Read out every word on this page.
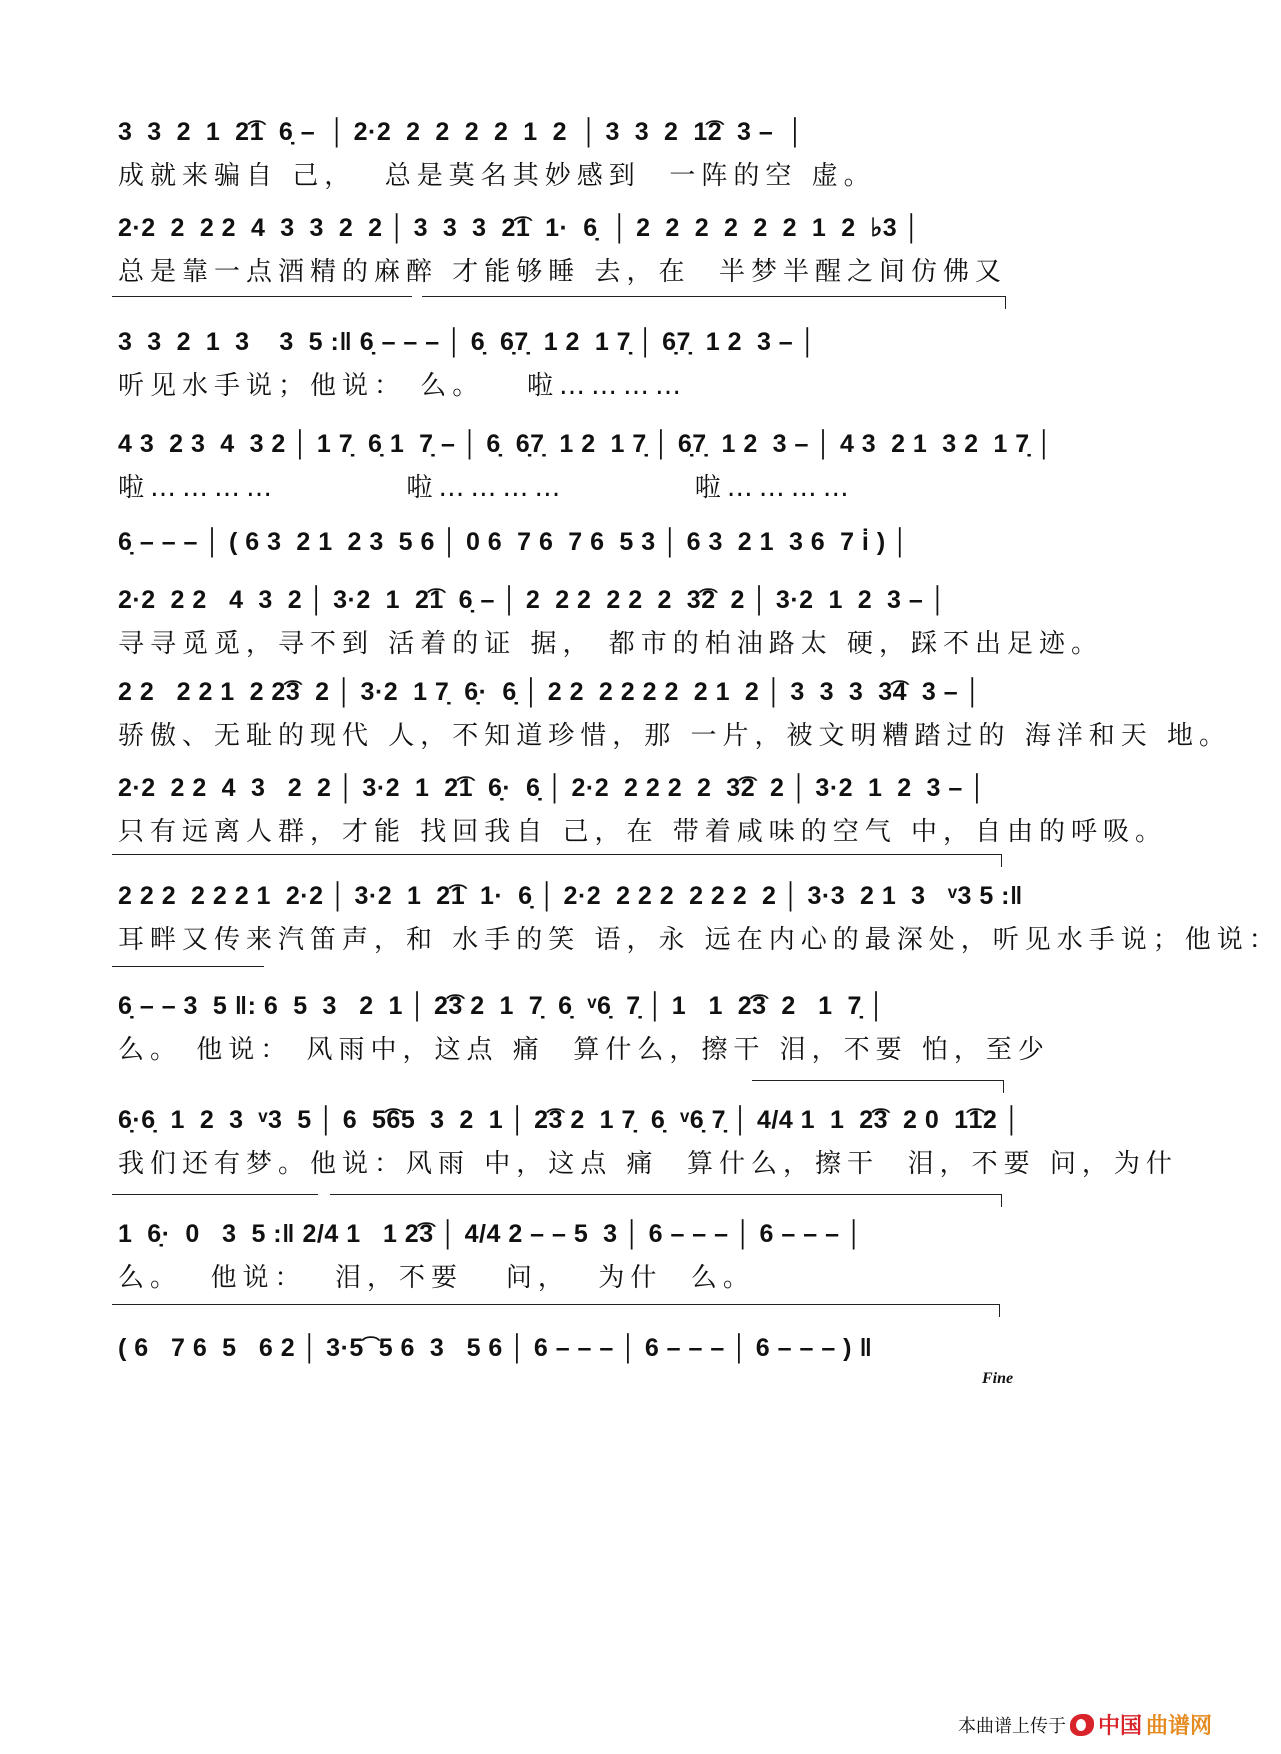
3  3  2  1  2͡1  6̣ –  │ 2·2  2  2  2  2  1  2  │ 3  3  2  1͡2  3 –  │
成就来骗自 己，  总是莫名其妙感到  一阵的空 虚。
2·2  2  2 2  4  3  3  2  2 │ 3  3  3  2͡1  1·  6̣  │ 2  2  2  2  2  2  1  2  ♭3 │
总是靠一点酒精的麻醉 才能够睡 去，在  半梦半醒之间仿佛又
3  3  2  1  3    3  5 :‖ 6̣ – – – │ 6̣  6̣7̣  1 2  1 7̣ │ 6̣7̣  1 2  3 – │
听见水手说；他说： 么。   啦…………
4 3  2 3  4  3 2 │ 1 7̣  6̣ 1  7̣ – │ 6̣  6̣7̣  1 2  1 7̣ │ 6̣7̣  1 2  3 – │ 4 3  2 1  3 2  1 7̣ │
啦…………         啦…………         啦…………
6̣ – – – │ ( 6 3  2 1  2 3  5 6 │ 0 6  7 6  7 6  5 3 │ 6 3  2 1  3 6  7 i̇ ) │
2·2  2 2   4  3  2 │ 3·2  1  2͡1  6̣ – │ 2  2 2  2 2  2  3͡2  2 │ 3·2  1  2  3 – │
寻寻觅觅，寻不到 活着的证 据， 都市的柏油路太 硬，踩不出足迹。
2 2   2 2 1  2 2͡3  2 │ 3·2  1 7̣  6̣·  6̣ │ 2 2  2 2 2 2  2 1  2 │ 3  3  3  3͡4  3 – │
骄傲、无耻的现代 人，不知道珍惜，那 一片，被文明糟踏过的 海洋和天 地。
2·2  2 2  4  3   2  2 │ 3·2  1  2͡1  6̣·  6̣ │ 2·2  2 2 2  2  3͡2  2 │ 3·2  1  2  3 – │
只有远离人群，才能 找回我自 己，在 带着咸味的空气 中，自由的呼吸。
2 2 2  2 2 2 1  2·2 │ 3·2  1  2͡1  1·  6̣ │ 2·2  2 2 2  2 2 2  2 │ 3·3  2 1  3   ᵛ3 5 :‖
耳畔又传来汽笛声，和 水手的笑 语，永 远在内心的最深处，听见水手说；他说：
6̣ – – 3  5 ‖: 6  5  3   2  1 │ 2͡3 2  1  7̣  6̣  ᵛ6̣  7̣ │ 1   1  2͡3  2   1  7̣ │
么。 他说： 风雨中，这点 痛  算什么，擦干 泪，不要 怕，至少
6̣·6̣  1  2  3  ᵛ3  5 │ 6  5͡65  3  2  1 │ 2͡3 2  1 7̣  6̣  ᵛ6̣ 7̣ │ 4/4 1  1  2͡3  2 0  1͡12 │
我们还有梦。他说：风雨 中，这点 痛  算什么，擦干  泪，不要 问，为什
1  6̣·  0   3  5 :‖ 2/4 1   1 2͡3 │ 4/4 2 – – 5  3 │ 6 – – – │ 6 – – – │
么。  他说：  泪，不要   问，  为什  么。
( 6   7 6  5   6 2 │ 3·5͡  5 6  3   5 6 │ 6 – – – │ 6 – – – │ 6 – – – ) ‖
Fine
本曲谱上传于 中国 曲谱网
